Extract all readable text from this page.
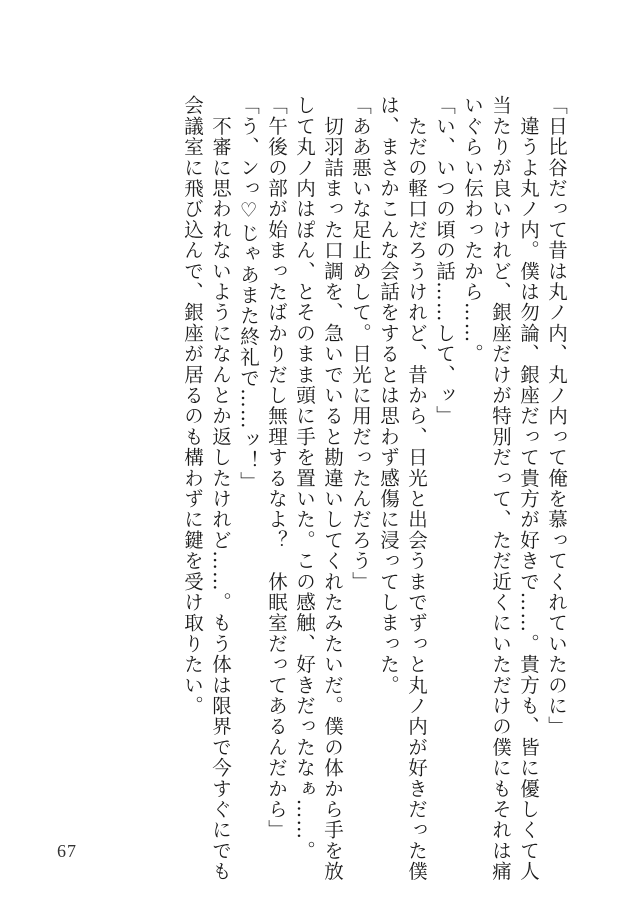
「日比谷だって昔は丸ノ内、丸ノ内って俺を慕ってくれていたのに」
　違うよ丸ノ内。僕は勿論、銀座だって貴方が好きで……。貴方も、皆に優しくて人
当たりが良いけれど、銀座だけが特別だって、ただ近くにいただけの僕にもそれは痛
いぐらい伝わったから……。
「い、いつの頃の話……して、ッ」
　ただの軽口だろうけれど、昔から、日光と出会うまでずっと丸ノ内が好きだった僕
は、まさかこんな会話をするとは思わず感傷に浸ってしまった。
「ああ悪いな足止めして。日光に用だったんだろう」
　切羽詰まった口調を、急いでいると勘違いしてくれたみたいだ。僕の体から手を放
して丸ノ内はぽん、とそのまま頭に手を置いた。この感触、好きだったなぁ……。
「午後の部が始まったばかりだし無理するなよ？　休眠室だってあるんだから」
「う、ンっ♡じゃあまた終礼で……ッ！」
　不審に思われないようになんとか返したけれど……。もう体は限界で今すぐにでも
会議室に飛び込んで、銀座が居るのも構わずに鍵を受け取りたい。
67
